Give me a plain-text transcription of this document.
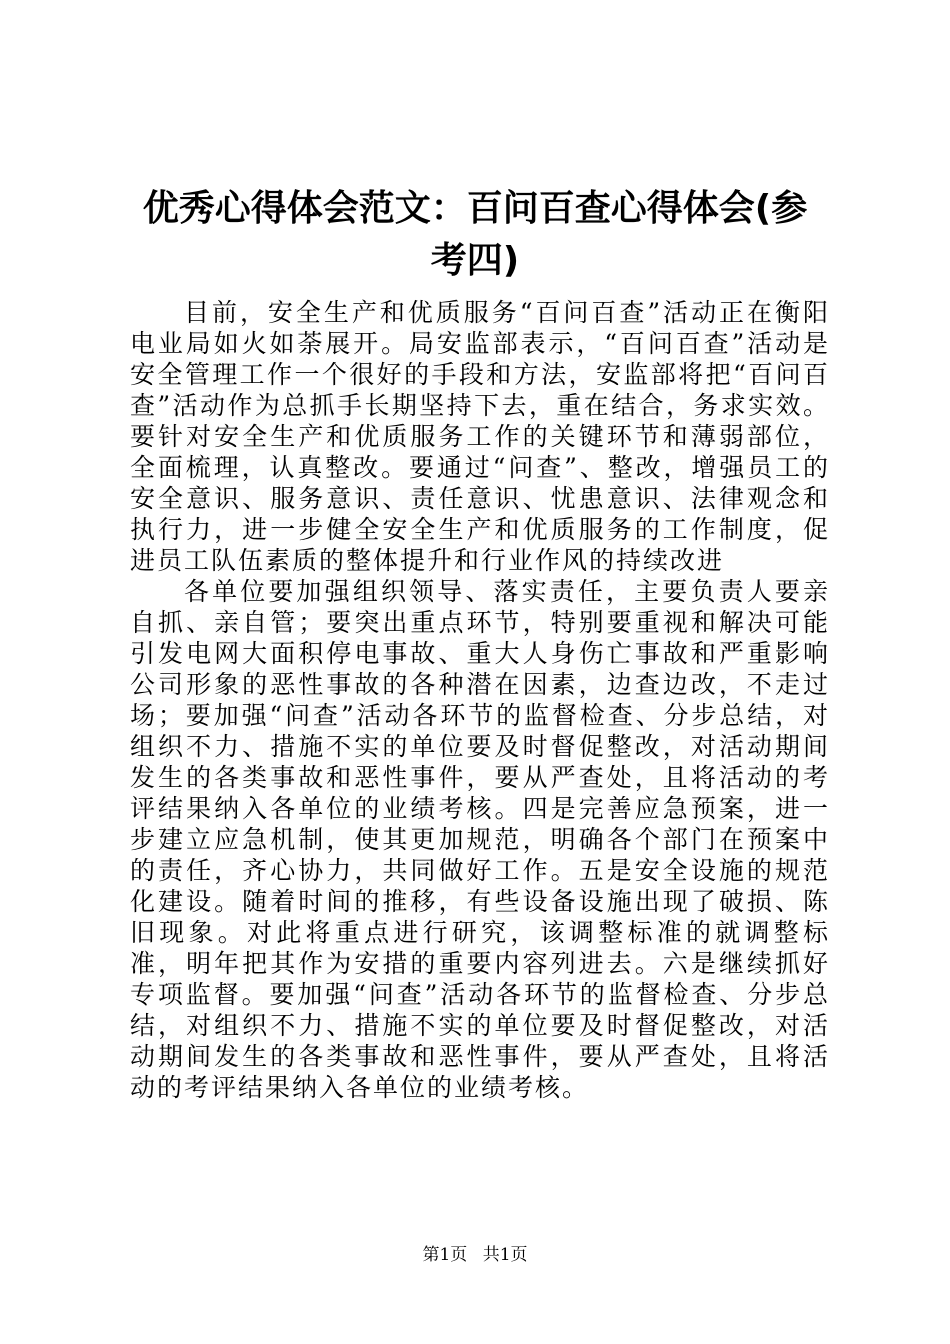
优秀心得体会范文：百问百查心得体会(参考四)

目前，安全生产和优质服务“百问百查”活动正在衡阳电业局如火如荼展开。局安监部表示，“百问百查”活动是安全管理工作一个很好的手段和方法，安监部将把“百问百查”活动作为总抓手长期坚持下去，重在结合，务求实效。要针对安全生产和优质服务工作的关键环节和薄弱部位，全面梳理，认真整改。要通过“问查”、整改，增强员工的安全意识、服务意识、责任意识、忧患意识、法律观念和执行力，进一步健全安全生产和优质服务的工作制度，促进员工队伍素质的整体提升和行业作风的持续改进

各单位要加强组织领导、落实责任，主要负责人要亲自抓、亲自管；要突出重点环节，特别要重视和解决可能引发电网大面积停电事故、重大人身伤亡事故和严重影响公司形象的恶性事故的各种潜在因素，边查边改，不走过场；要加强“问查”活动各环节的监督检查、分步总结，对组织不力、措施不实的单位要及时督促整改，对活动期间发生的各类事故和恶性事件，要从严查处，且将活动的考评结果纳入各单位的业绩考核。四是完善应急预案，进一步建立应急机制，使其更加规范，明确各个部门在预案中的责任，齐心协力，共同做好工作。五是安全设施的规范化建设。随着时间的推移，有些设备设施出现了破损、陈旧现象。对此将重点进行研究，该调整标准的就调整标准，明年把其作为安措的重要内容列进去。六是继续抓好专项监督。要加强“问查”活动各环节的监督检查、分步总结，对组织不力、措施不实的单位要及时督促整改，对活动期间发生的各类事故和恶性事件，要从严查处，且将活动的考评结果纳入各单位的业绩考核。

第1页 共1页
